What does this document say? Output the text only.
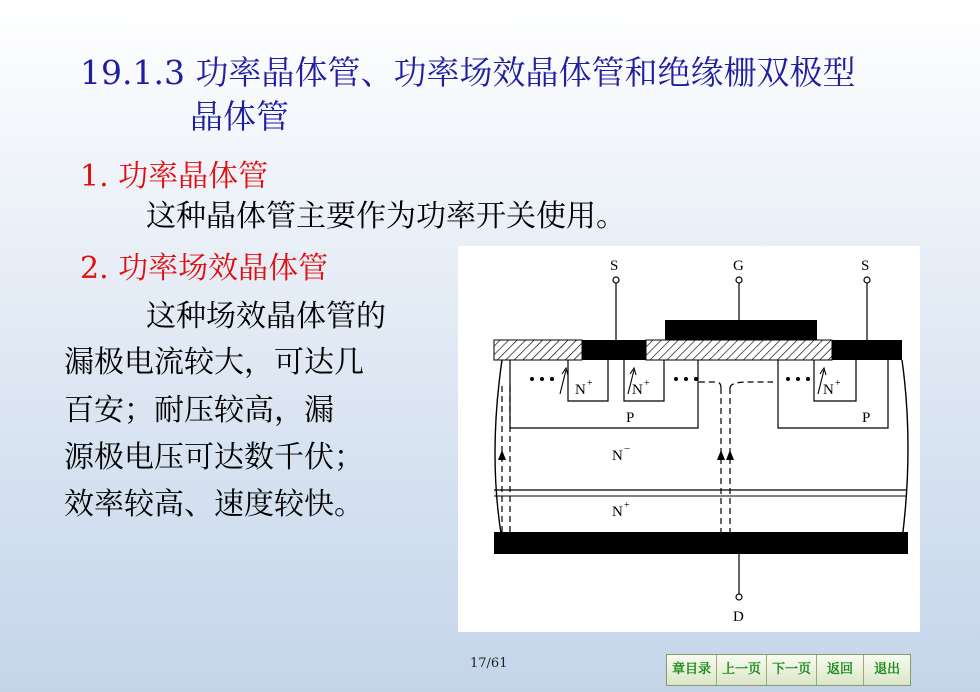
19.1.3 功率晶体管、功率场效晶体管和绝缘栅双极型
晶体管
1. 功率晶体管
这种晶体管主要作为功率开关使用。
2. 功率场效晶体管
这种场效晶体管的
漏极电流较大，可达几
百安；耐压较高，漏
源极电压可达数千伏；
效率较高、速度较快。
S	G	S
D
N +	N +	N +
P	P
N −
N +
17/61	章目录 上一页 下一页	返回	退出
